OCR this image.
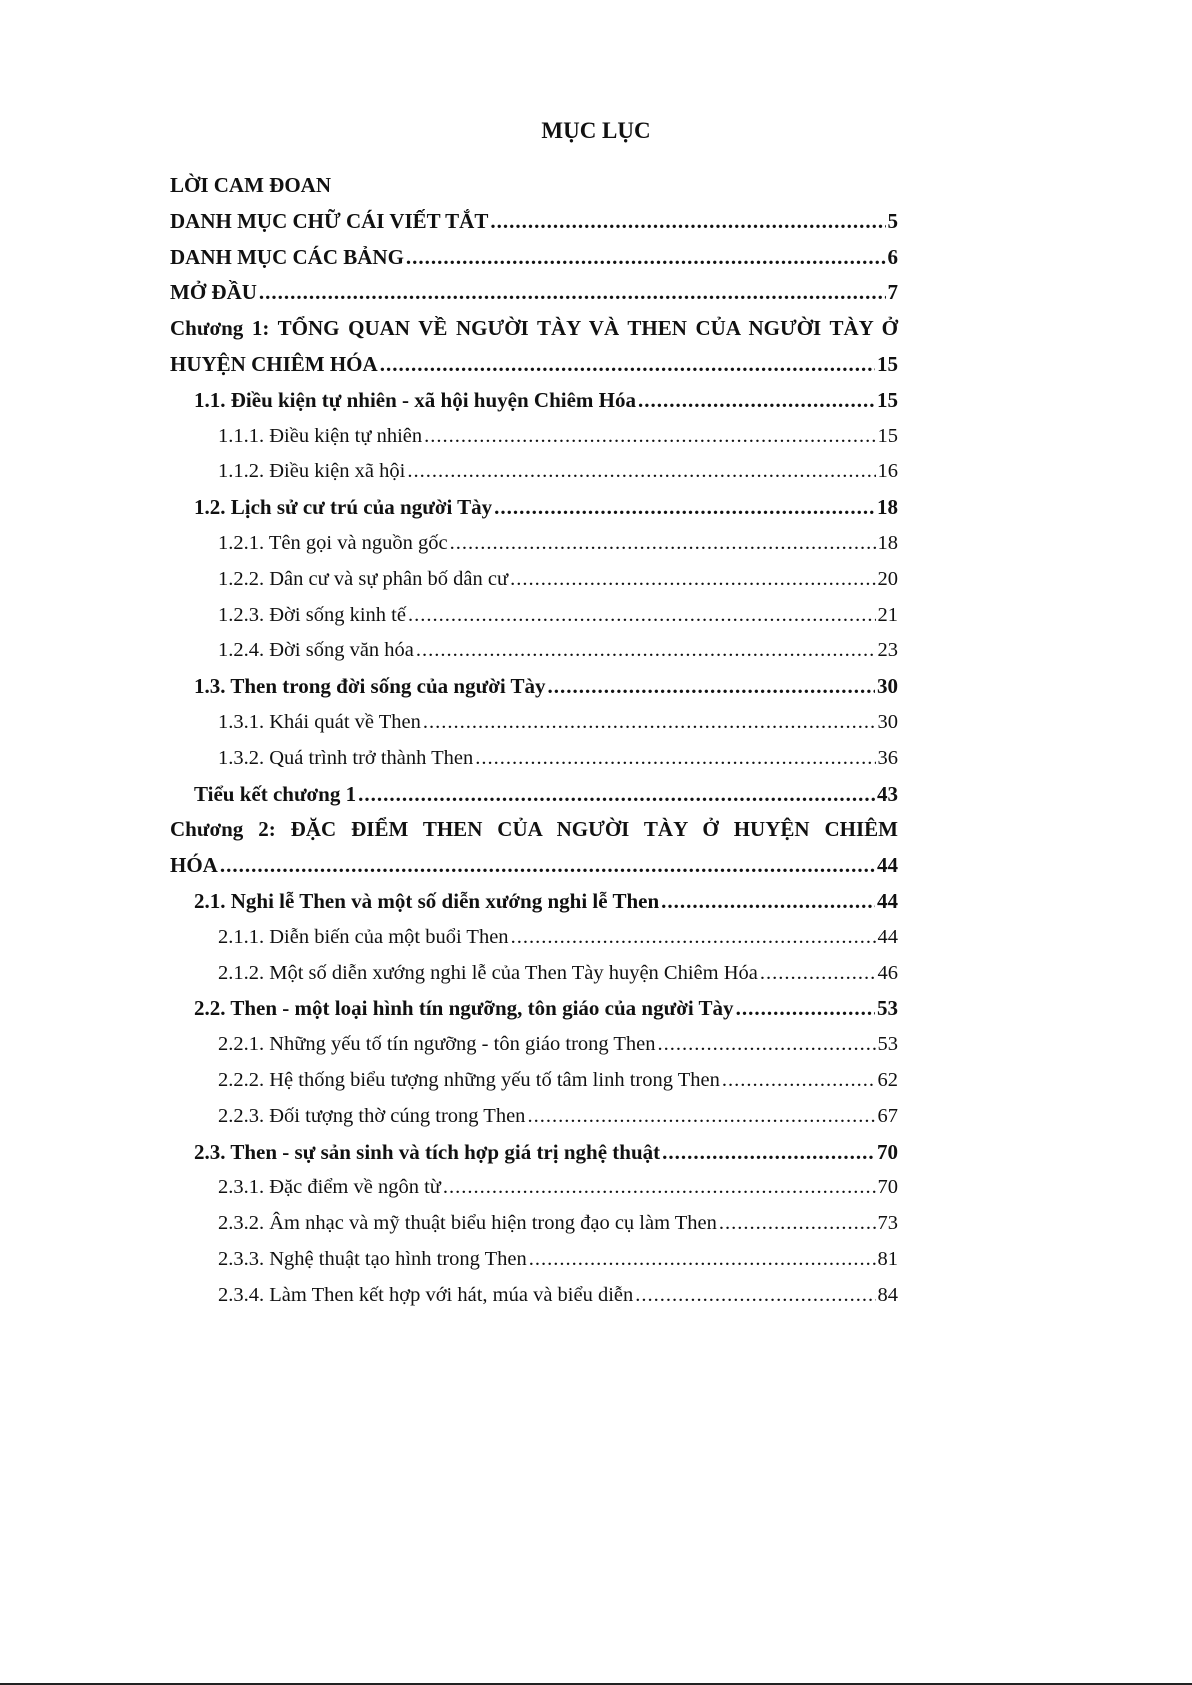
MỤC LỤC
LỜI CAM ĐOAN
DANH MỤC CHỮ CÁI VIẾT TẮT .....	5
DANH MỤC CÁC BẢNG .....	6
MỞ ĐẦU .....	7
Chương 1: TỔNG QUAN VỀ NGƯỜI TÀY VÀ THEN CỦA NGƯỜI TÀY Ở
HUYỆN CHIÊM HÓA .....	15
1.1. Điều kiện tự nhiên - xã hội huyện Chiêm Hóa .....	15
1.1.1. Điều kiện tự nhiên .....	15
1.1.2. Điều kiện xã hội .....	16
1.2. Lịch sử cư trú của người Tày .....	18
1.2.1. Tên gọi và nguồn gốc .....	18
1.2.2. Dân cư và sự phân bố dân cư .....	20
1.2.3. Đời sống kinh tế .....	21
1.2.4. Đời sống văn hóa .....	23
1.3. Then trong đời sống của người Tày .....	30
1.3.1. Khái quát về Then .....	30
1.3.2. Quá trình trở thành Then .....	36
Tiểu kết chương 1 .....	43
Chương 2: ĐẶC ĐIỂM THEN CỦA NGƯỜI TÀY Ở HUYỆN CHIÊM
HÓA .....	44
2.1. Nghi lễ Then và một số diễn xướng nghi lễ Then .....	44
2.1.1. Diễn biến của một buổi Then .....	44
2.1.2. Một số diễn xướng nghi lễ của Then Tày huyện Chiêm Hóa .....	46
2.2. Then - một loại hình tín ngưỡng, tôn giáo của người Tày .....	53
2.2.1. Những yếu tố tín ngưỡng - tôn giáo trong Then .....	53
2.2.2. Hệ thống biểu tượng những yếu tố tâm linh trong Then .....	62
2.2.3. Đối tượng thờ cúng trong Then .....	67
2.3. Then - sự sản sinh và tích hợp giá trị nghệ thuật .....	70
2.3.1. Đặc điểm về ngôn từ .....	70
2.3.2. Âm nhạc và mỹ thuật biểu hiện trong đạo cụ làm Then .....	73
2.3.3. Nghệ thuật tạo hình trong Then .....	81
2.3.4. Làm Then kết hợp với hát, múa và biểu diễn .....	84
